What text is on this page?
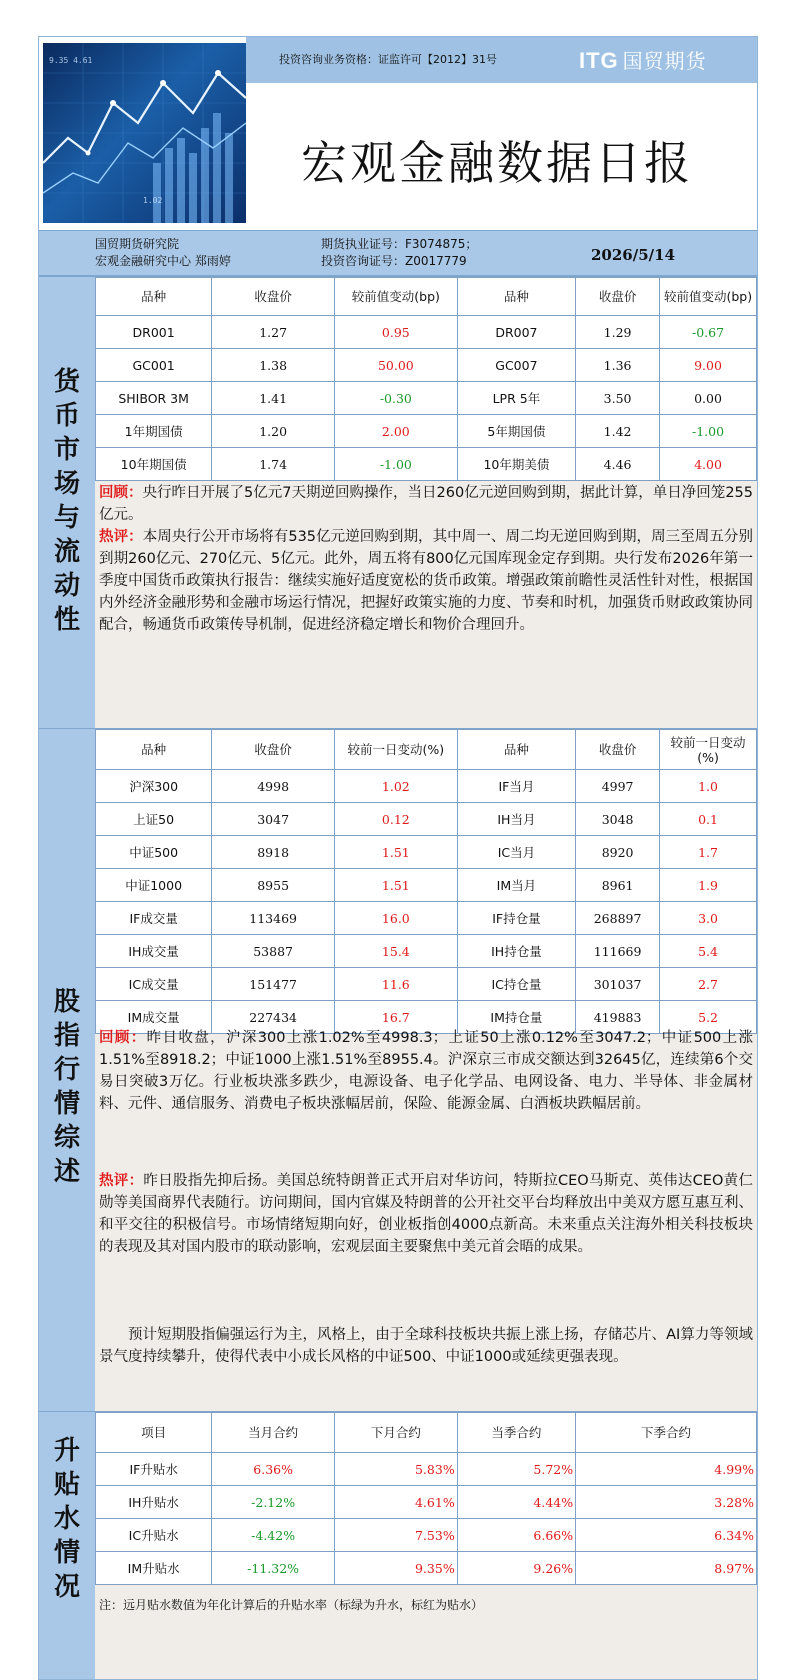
9.35 4.61
1.02
投资咨询业务资格：证监许可【2012】31号	ITG 国贸期货
宏观金融数据日报
国贸期货研究院
宏观金融研究中心 郑雨婷
期货执业证号：F3074875；
投资咨询证号：Z0017779	2026/5/14
货
币
市
场
与
流
动
性
品种	收盘价	较前值变动(bp)	品种	收盘价	较前值变动(bp)
DR001	1.27	0.95	DR007	1.29	-0.67
GC001	1.38	50.00	GC007	1.36	9.00
SHIBOR 3M	1.41	-0.30	LPR 5年	3.50	0.00
1年期国债	1.20	2.00	5年期国债	1.42	-1.00
10年期国债	1.74	-1.00	10年期美债	4.46	4.00
回顾：央行昨日开展了5亿元7天期逆回购操作，当日260亿元逆回购到期，据此计算，单日净回笼255亿元。
热评：本周央行公开市场将有535亿元逆回购到期，其中周一、周二均无逆回购到期，周三至周五分别到期260亿元、270亿元、5亿元。此外，周五将有800亿元国库现金定存到期。央行发布2026年第一季度中国货币政策执行报告：继续实施好适度宽松的货币政策。增强政策前瞻性灵活性针对性，根据国内外经济金融形势和金融市场运行情况，把握好政策实施的力度、节奏和时机，加强货币财政政策协同配合，畅通货币政策传导机制，促进经济稳定增长和物价合理回升。
股
指
行
情
综
述
品种	收盘价	较前一日变动(%)	品种	收盘价	较前一日变动(%)
沪深300	4998	1.02	IF当月	4997	1.0
上证50	3047	0.12	IH当月	3048	0.1
中证500	8918	1.51	IC当月	8920	1.7
中证1000	8955	1.51	IM当月	8961	1.9
IF成交量	113469	16.0	IF持仓量	268897	3.0
IH成交量	53887	15.4	IH持仓量	111669	5.4
IC成交量	151477	11.6	IC持仓量	301037	2.7
IM成交量	227434	16.7	IM持仓量	419883	5.2
回顾：昨日收盘，沪深300上涨1.02%至4998.3；上证50上涨0.12%至3047.2；中证500上涨1.51%至8918.2；中证1000上涨1.51%至8955.4。沪深京三市成交额达到32645亿，连续第6个交易日突破3万亿。行业板块涨多跌少，电源设备、电子化学品、电网设备、电力、半导体、非金属材料、元件、通信服务、消费电子板块涨幅居前，保险、能源金属、白酒板块跌幅居前。
热评：昨日股指先抑后扬。美国总统特朗普正式开启对华访问，特斯拉CEO马斯克、英伟达CEO黄仁勋等美国商界代表随行。访问期间，国内官媒及特朗普的公开社交平台均释放出中美双方愿互惠互利、和平交往的积极信号。市场情绪短期向好，创业板指创4000点新高。未来重点关注海外相关科技板块的表现及其对国内股市的联动影响，宏观层面主要聚焦中美元首会晤的成果。
预计短期股指偏强运行为主，风格上，由于全球科技板块共振上涨上扬，存储芯片、AI算力等领域景气度持续攀升，使得代表中小成长风格的中证500、中证1000或延续更强表现。
升
贴
水
情
况
项目	当月合约	下月合约	当季合约	下季合约
IF升贴水	6.36%	5.83%	5.72%	4.99%
IH升贴水	-2.12%	4.61%	4.44%	3.28%
IC升贴水	-4.42%	7.53%	6.66%	6.34%
IM升贴水	-11.32%	9.35%	9.26%	8.97%
注：远月贴水数值为年化计算后的升贴水率（标绿为升水，标红为贴水）
